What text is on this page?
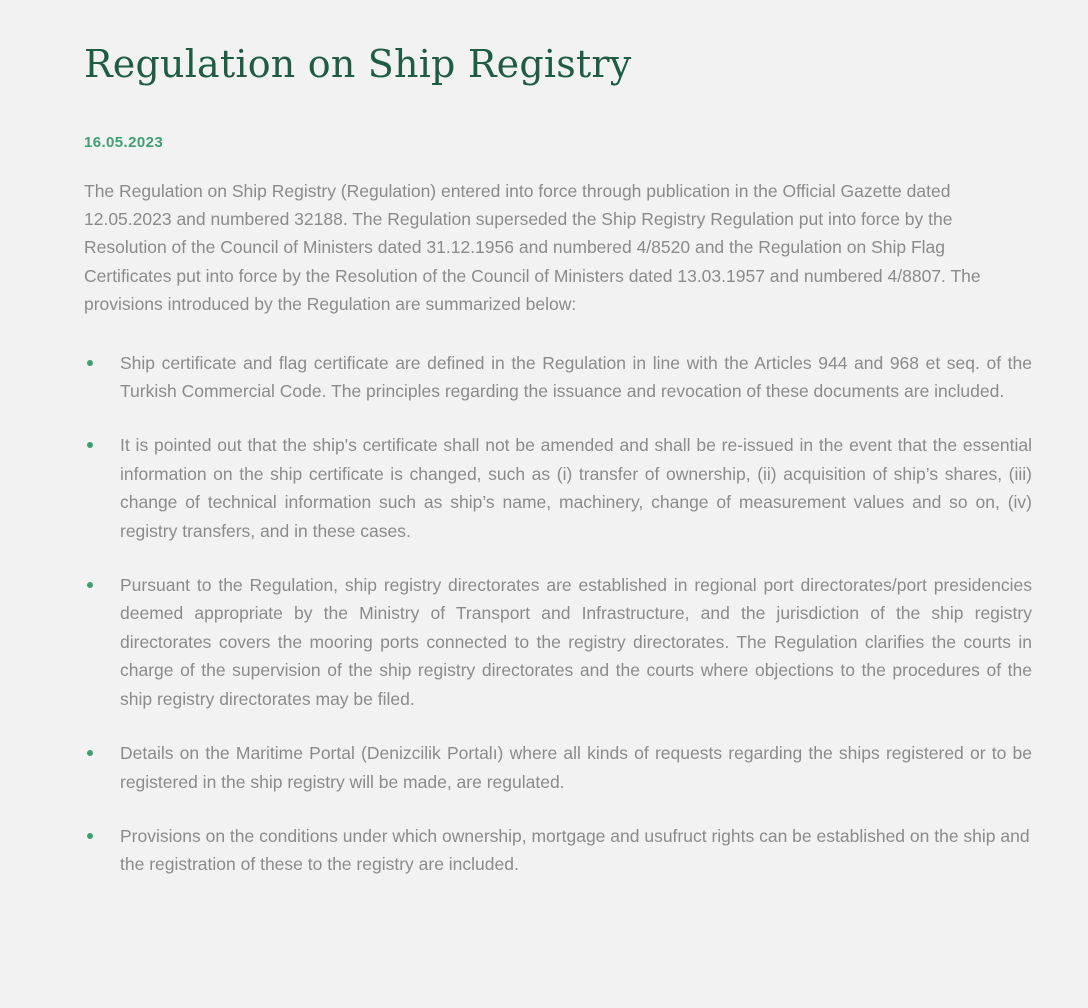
Regulation on Ship Registry
16.05.2023

The Regulation on Ship Registry (Regulation) entered into force through publication in the Official Gazette dated 12.05.2023 and numbered 32188. The Regulation superseded the Ship Registry Regulation put into force by the Resolution of the Council of Ministers dated 31.12.1956 and numbered 4/8520 and the Regulation on Ship Flag Certificates put into force by the Resolution of the Council of Ministers dated 13.03.1957 and numbered 4/8807. The provisions introduced by the Regulation are summarized below:

Ship certificate and flag certificate are defined in the Regulation in line with the Articles 944 and 968 et seq. of the Turkish Commercial Code. The principles regarding the issuance and revocation of these documents are included.
It is pointed out that the ship's certificate shall not be amended and shall be re-issued in the event that the essential information on the ship certificate is changed, such as (i) transfer of ownership, (ii) acquisition of ship’s shares, (iii) change of technical information such as ship’s name, machinery, change of measurement values and so on, (iv) registry transfers, and in these cases.
Pursuant to the Regulation, ship registry directorates are established in regional port directorates/port presidencies deemed appropriate by the Ministry of Transport and Infrastructure, and the jurisdiction of the ship registry directorates covers the mooring ports connected to the registry directorates. The Regulation clarifies the courts in charge of the supervision of the ship registry directorates and the courts where objections to the procedures of the ship registry directorates may be filed.
Details on the Maritime Portal (Denizcilik Portalı) where all kinds of requests regarding the ships registered or to be registered in the ship registry will be made, are regulated.
Provisions on the conditions under which ownership, mortgage and usufruct rights can be established on the ship and the registration of these to the registry are included.
